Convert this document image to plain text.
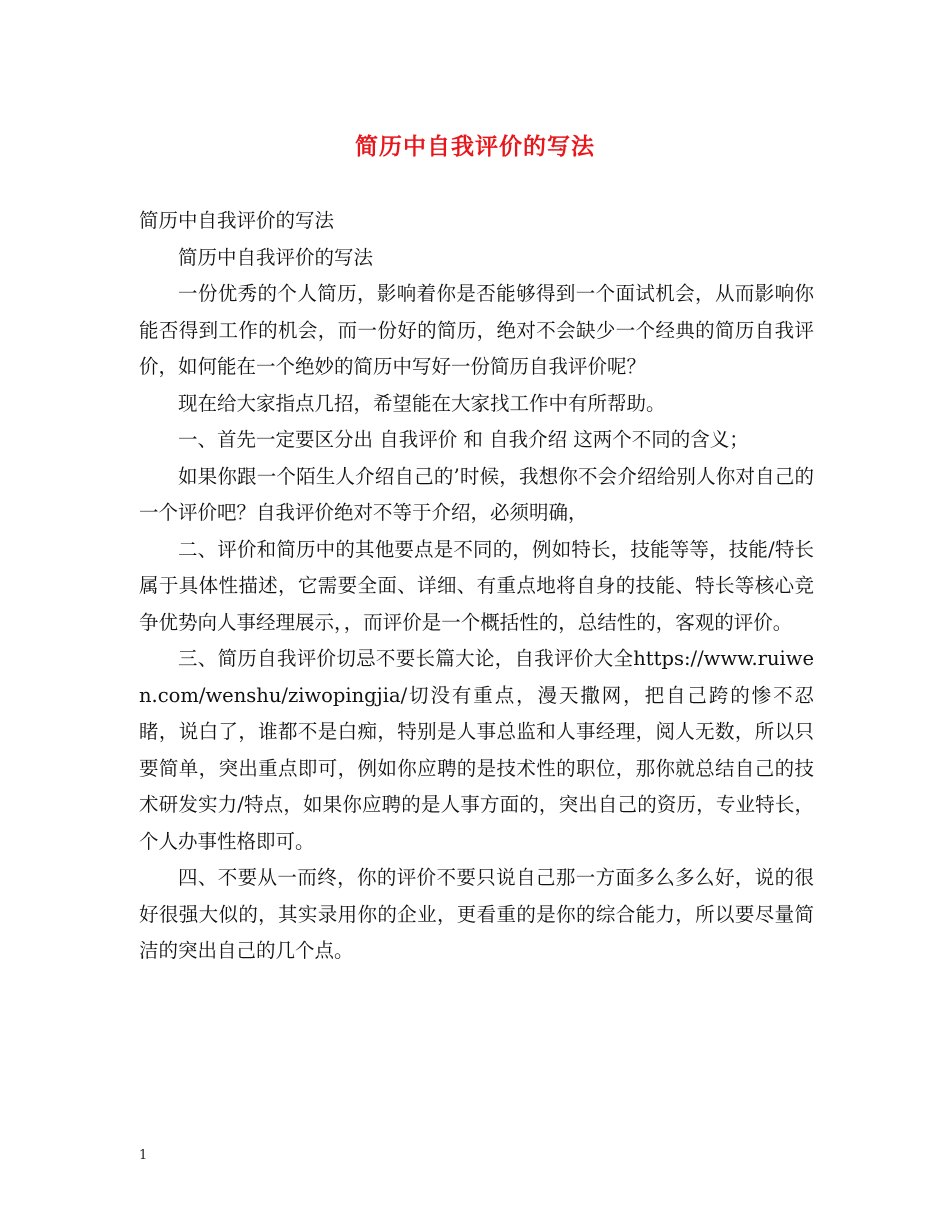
简历中自我评价的写法

简历中自我评价的写法

简历中自我评价的写法

一份优秀的个人简历，影响着你是否能够得到一个面试机会，从而影响你能否得到工作的机会，而一份好的简历，绝对不会缺少一个经典的简历自我评价，如何能在一个绝妙的简历中写好一份简历自我评价呢？

现在给大家指点几招，希望能在大家找工作中有所帮助。

一、首先一定要区分出 自我评价 和 自我介绍 这两个不同的含义；

如果你跟一个陌生人介绍自己的’时候，我想你不会介绍给别人你对自己的一个评价吧？自我评价绝对不等于介绍，必须明确，

二、评价和简历中的其他要点是不同的，例如特长，技能等等，技能/特长属于具体性描述，它需要全面、详细、有重点地将自身的技能、特长等核心竞争优势向人事经理展示，，而评价是一个概括性的，总结性的，客观的评价。

三、简历自我评价切忌不要长篇大论，自我评价大全https://www.ruiwen.com/wenshu/ziwopingjia/切没有重点，漫天撒网，把自己跨的惨不忍睹，说白了，谁都不是白痴，特别是人事总监和人事经理，阅人无数，所以只要简单，突出重点即可，例如你应聘的是技术性的职位，那你就总结自己的技术研发实力/特点，如果你应聘的是人事方面的，突出自己的资历，专业特长，个人办事性格即可。

四、不要从一而终，你的评价不要只说自己那一方面多么多么好，说的很好很强大似的，其实录用你的企业，更看重的是你的综合能力，所以要尽量简洁的突出自己的几个点。

1
